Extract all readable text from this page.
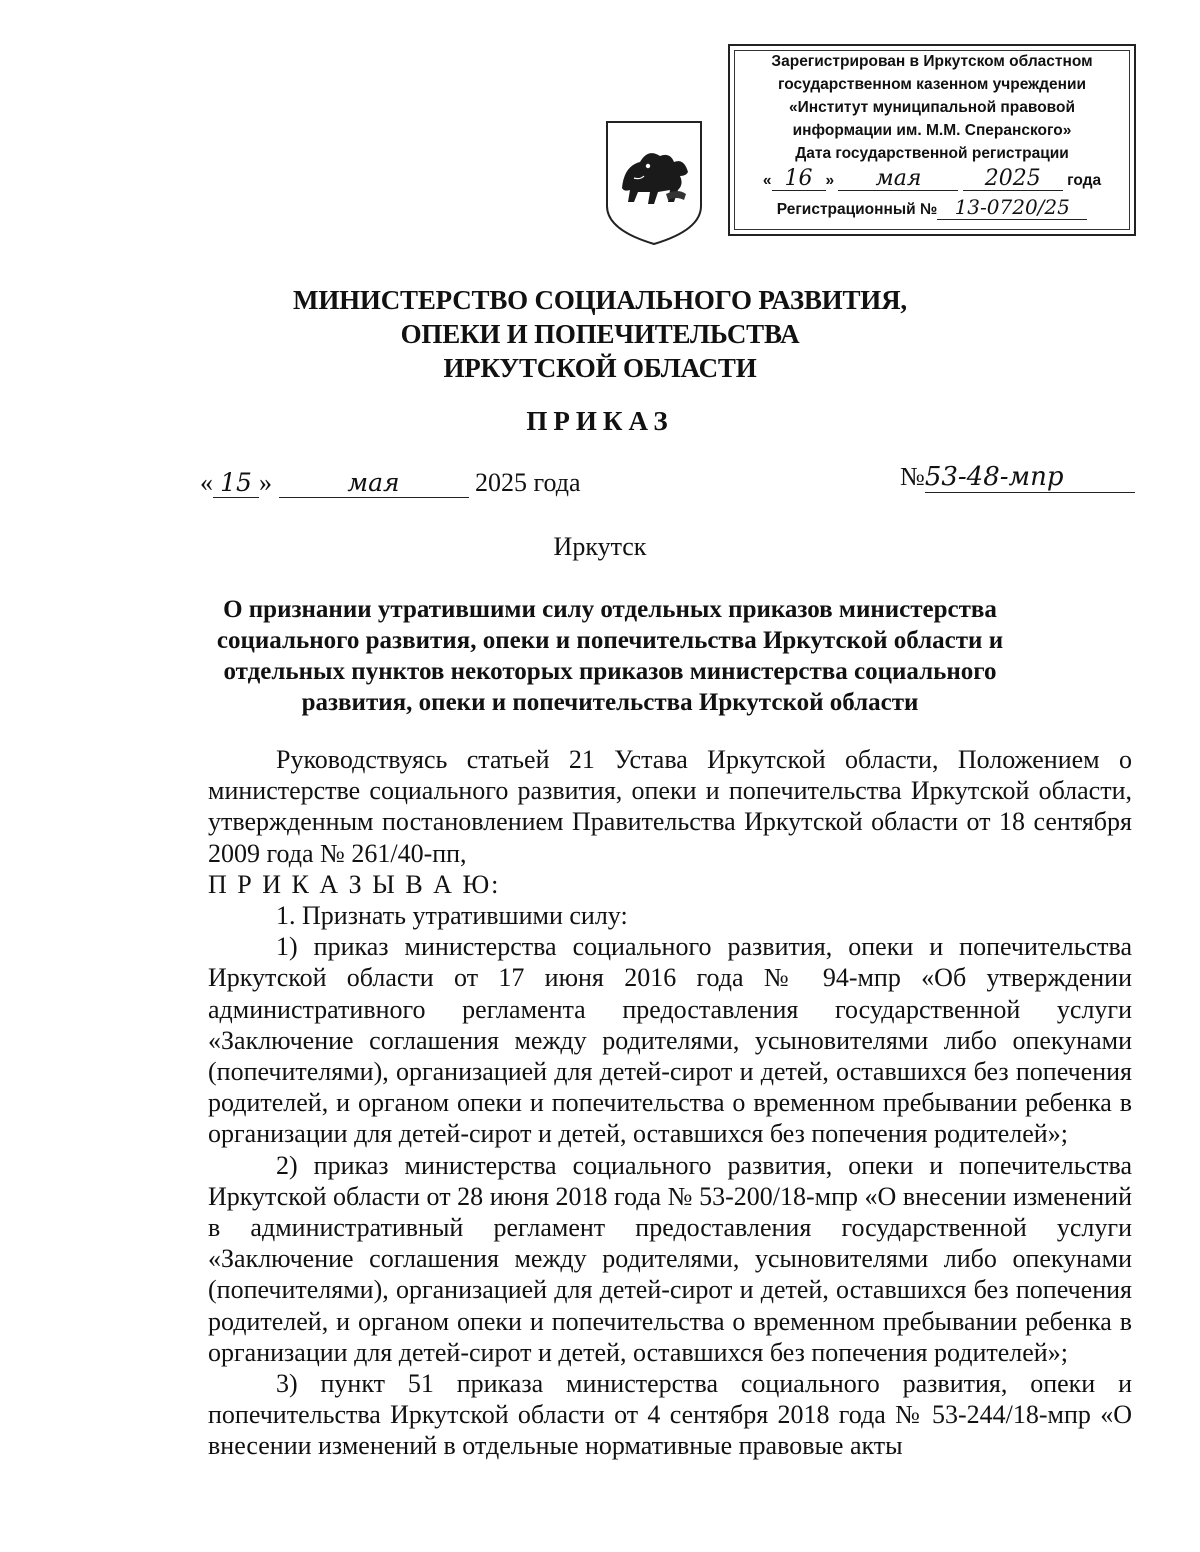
Зарегистрирован в Иркутском областном
государственном казенном учреждении
«Институт муниципальной правовой
информации им. М.М. Сперанского»
Дата государственной регистрации
« 16 » мая	2025 года
Регистрационный № 13-0720/25
МИНИСТЕРСТВО СОЦИАЛЬНОГО РАЗВИТИЯ,
ОПЕКИ И ПОПЕЧИТЕЛЬСТВА
ИРКУТСКОЙ ОБЛАСТИ
ПРИКАЗ
« 15 »	мая	2025 года	№53-48-мпр
Иркутск
О признании утратившими силу отдельных приказов министерства социального развития, опеки и попечительства Иркутской области и отдельных пунктов некоторых приказов министерства социального развития, опеки и попечительства Иркутской области

Руководствуясь статьей 21 Устава Иркутской области, Положением о министерстве социального развития, опеки и попечительства Иркутской области, утвержденным постановлением Правительства Иркутской области от 18 сентября 2009 года № 261/40-пп,

П Р И К А З Ы В А Ю:

1. Признать утратившими силу:

1) приказ министерства социального развития, опеки и попечительства Иркутской области от 17 июня 2016 года № 94-мпр «Об утверждении административного регламента предоставления государственной услуги «Заключение соглашения между родителями, усыновителями либо опекунами (попечителями), организацией для детей-сирот и детей, оставшихся без попечения родителей, и органом опеки и попечительства о временном пребывании ребенка в организации для детей-сирот и детей, оставшихся без попечения родителей»;

2) приказ министерства социального развития, опеки и попечительства Иркутской области от 28 июня 2018 года № 53-200/18-мпр «О внесении изменений в административный регламент предоставления государственной услуги «Заключение соглашения между родителями, усыновителями либо опекунами (попечителями), организацией для детей-сирот и детей, оставшихся без попечения родителей, и органом опеки и попечительства о временном пребывании ребенка в организации для детей-сирот и детей, оставшихся без попечения родителей»;

3) пункт 51 приказа министерства социального развития, опеки и попечительства Иркутской области от 4 сентября 2018 года № 53-244/18-мпр «О внесении изменений в отдельные нормативные правовые акты
